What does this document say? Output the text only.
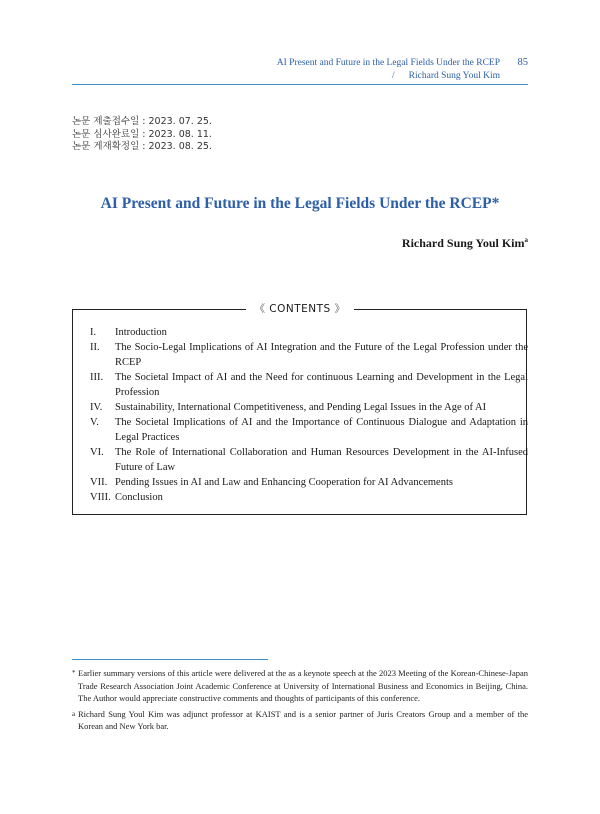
AI Present and Future in the Legal Fields Under the RCEP 85
/ Richard Sung Youl Kim
논문 제출접수일 : 2023. 07. 25.
논문 심사완료일 : 2023. 08. 11.
논문 게재확정일 : 2023. 08. 25.
AI Present and Future in the Legal Fields Under the RCEP*
Richard Sung Youl Kim$^a$
《 CONTENTS 》
I.	Introduction
II.	The Socio-Legal Implications of AI Integration and the Future of the Legal Profession under the RCEP
III.	The Societal Impact of AI and the Need for continuous Learning and Development in the Legal Profession
IV.	Sustainability, International Competitiveness, and Pending Legal Issues in the Age of AI
V.	The Societal Implications of AI and the Importance of Continuous Dialogue and Adaptation in Legal Practices
VI.	The Role of International Collaboration and Human Resources Development in the AI-Infused Future of Law
VII. Pending Issues in AI and Law and Enhancing Cooperation for AI Advancements
VIII. Conclusion
* Earlier summary versions of this article were delivered at the as a keynote speech at the 2023 Meeting of the Korean-Chinese-Japan Trade Research Association Joint Academic Conference at University of International Business and Economics in Beijing, China. The Author would appreciate constructive comments and thoughts of participants of this conference.
a Richard Sung Youl Kim was adjunct professor at KAIST and is a senior partner of Juris Creators Group and a member of the Korean and New York bar.
